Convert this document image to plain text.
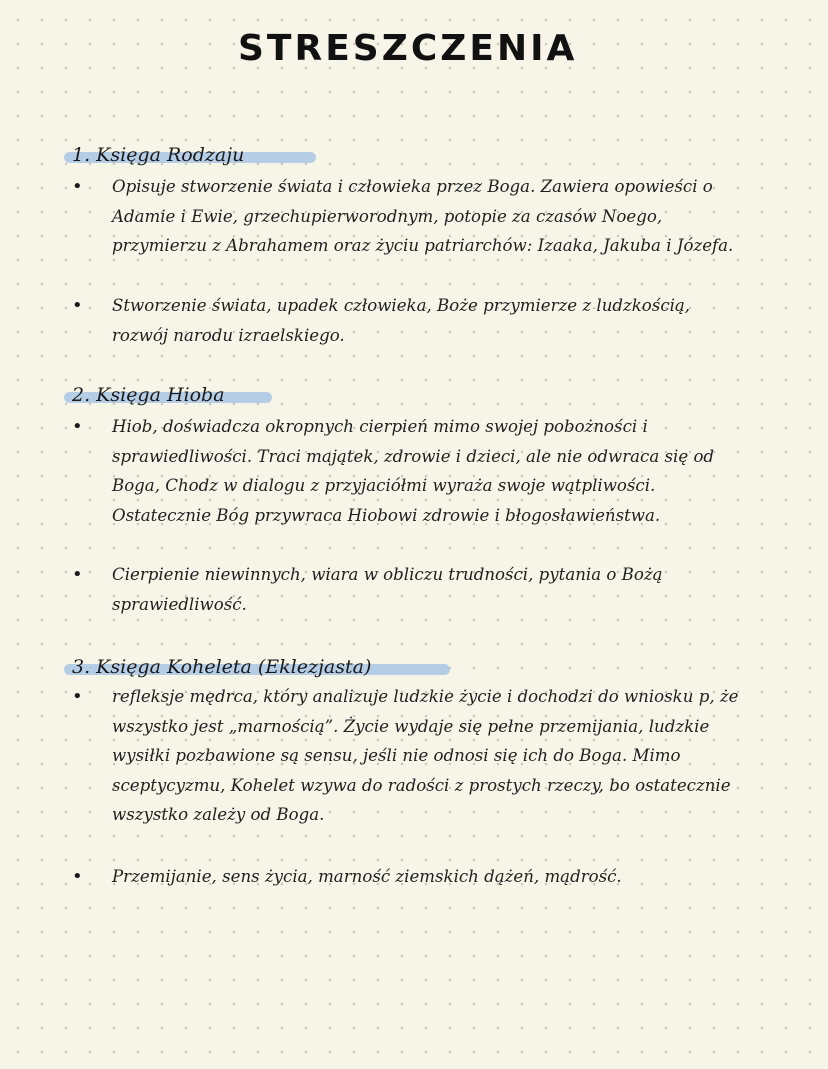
STRESZCZENIA
1. Księga Rodzaju
• Opisuje stworzenie świata i człowieka przez Boga. Zawiera opowieści o Adamie i Ewie, grzechupierworodnym, potopie za czasów Noego, przymierzu z Abrahamem oraz życiu patriarchów: Izaaka, Jakuba i Józefa.

• Stworzenie świata, upadek człowieka, Boże przymierze z ludzkością, rozwój narodu izraelskiego.

2. Księga Hioba
• Hiob, doświadcza okropnych cierpień mimo swojej pobożności i sprawiedliwości. Traci majątek, zdrowie i dzieci, ale nie odwraca się od Boga, Chodz w dialogu z przyjaciółmi wyraża swoje wątpliwości. Ostatecznie Bóg przywraca Hiobowi zdrowie i błogosławieństwa.

• Cierpienie niewinnych, wiara w obliczu trudności, pytania o Bożą sprawiedliwość.

3. Księga Koheleta (Eklezjasta)
• refleksje mędrca, który analizuje ludzkie życie i dochodzi do wniosku p, że wszystko jest „marnością”. Życie wydaje się pełne przemijania, ludzkie wysiłki pozbawione są sensu, jeśli nie odnosi się ich do Boga. Mimo sceptycyzmu, Kohelet wzywa do radości z prostych rzeczy, bo ostatecznie wszystko zależy od Boga.

• Przemijanie, sens życia, marność ziemskich dążeń, mądrość.
